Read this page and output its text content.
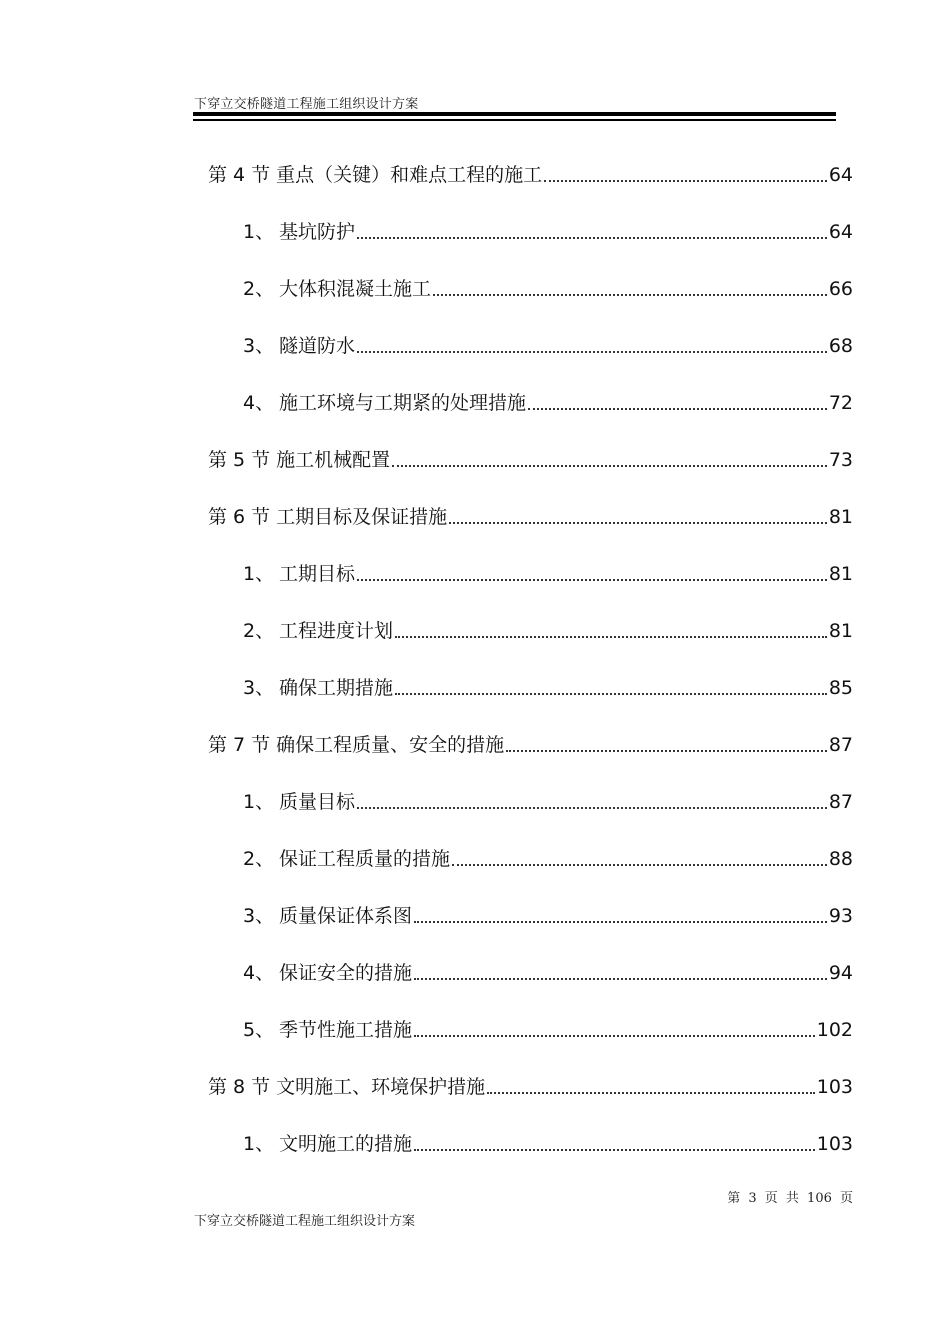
下穿立交桥隧道工程施工组织设计方案
第 4 节 重点（关键）和难点工程的施工	64
1、 基坑防护	64
2、 大体积混凝土施工	66
3、 隧道防水	68
4、 施工环境与工期紧的处理措施	72
第 5 节 施工机械配置	73
第 6 节 工期目标及保证措施	81
1、 工期目标	81
2、 工程进度计划	81
3、 确保工期措施	85
第 7 节 确保工程质量、安全的措施	87
1、 质量目标	87
2、 保证工程质量的措施	88
3、 质量保证体系图	93
4、 保证安全的措施	94
5、 季节性施工措施	102
第 8 节 文明施工、环境保护措施	103
1、 文明施工的措施	103
第 3 页 共 106 页
下穿立交桥隧道工程施工组织设计方案
